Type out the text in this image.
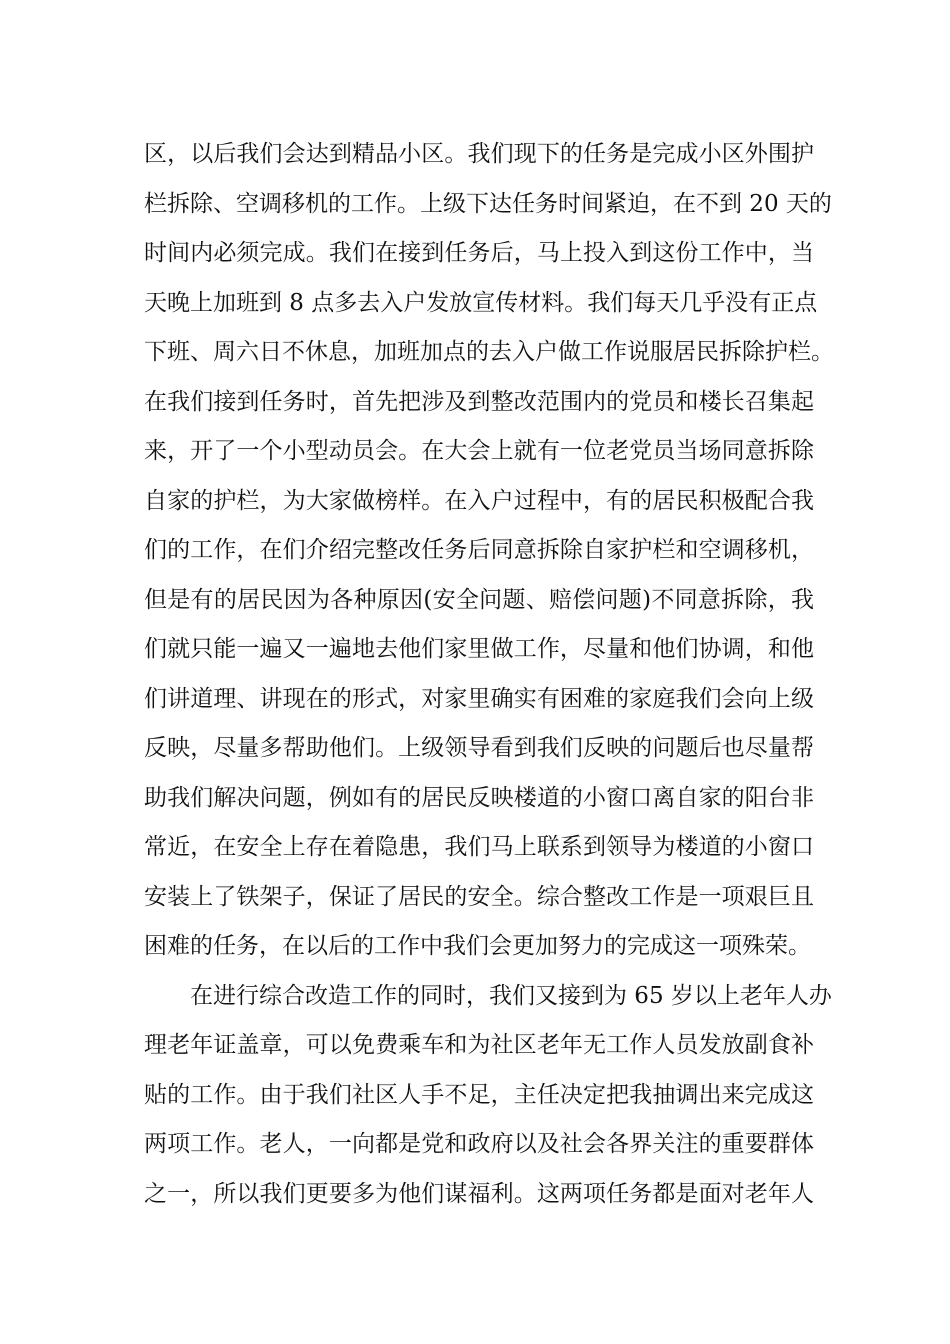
区，以后我们会达到精品小区。我们现下的任务是完成小区外围护
栏拆除、空调移机的工作。上级下达任务时间紧迫，在不到 20 天的
时间内必须完成。我们在接到任务后，马上投入到这份工作中，当
天晚上加班到 8 点多去入户发放宣传材料。我们每天几乎没有正点
下班、周六日不休息，加班加点的去入户做工作说服居民拆除护栏。
在我们接到任务时，首先把涉及到整改范围内的党员和楼长召集起
来，开了一个小型动员会。在大会上就有一位老党员当场同意拆除
自家的护栏，为大家做榜样。在入户过程中，有的居民积极配合我
们的工作，在们介绍完整改任务后同意拆除自家护栏和空调移机，
但是有的居民因为各种原因(安全问题、赔偿问题)不同意拆除，我
们就只能一遍又一遍地去他们家里做工作，尽量和他们协调，和他
们讲道理、讲现在的形式，对家里确实有困难的家庭我们会向上级
反映，尽量多帮助他们。上级领导看到我们反映的问题后也尽量帮
助我们解决问题，例如有的居民反映楼道的小窗口离自家的阳台非
常近，在安全上存在着隐患，我们马上联系到领导为楼道的小窗口
安装上了铁架子，保证了居民的安全。综合整改工作是一项艰巨且
困难的任务，在以后的工作中我们会更加努力的完成这一项殊荣。
在进行综合改造工作的同时，我们又接到为 65 岁以上老年人办
理老年证盖章，可以免费乘车和为社区老年无工作人员发放副食补
贴的工作。由于我们社区人手不足，主任决定把我抽调出来完成这
两项工作。老人，一向都是党和政府以及社会各界关注的重要群体
之一，所以我们更要多为他们谋福利。这两项任务都是面对老年人
